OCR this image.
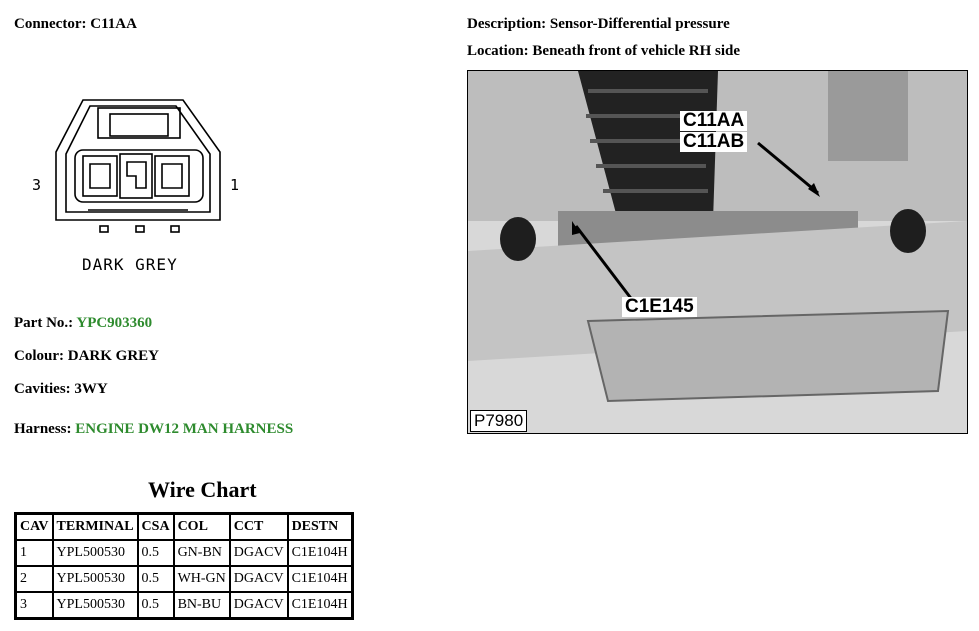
Connector: C11AA	Description: Sensor-Differential pressure
Location: Beneath front of vehicle RH side
3	1
DARK GREY
C11AA
C11AB
C1E145
P7980
Part No.: YPC903360
Colour: DARK GREY
Cavities: 3WY
Harness: ENGINE DW12 MAN HARNESS
Wire Chart
CAV	TERMINAL	CSA	COL	CCT	DESTN
1	YPL500530	0.5	GN-BN	DGACV	C1E104H
2	YPL500530	0.5	WH-GN	DGACV	C1E104H
3	YPL500530	0.5	BN-BU	DGACV	C1E104H
